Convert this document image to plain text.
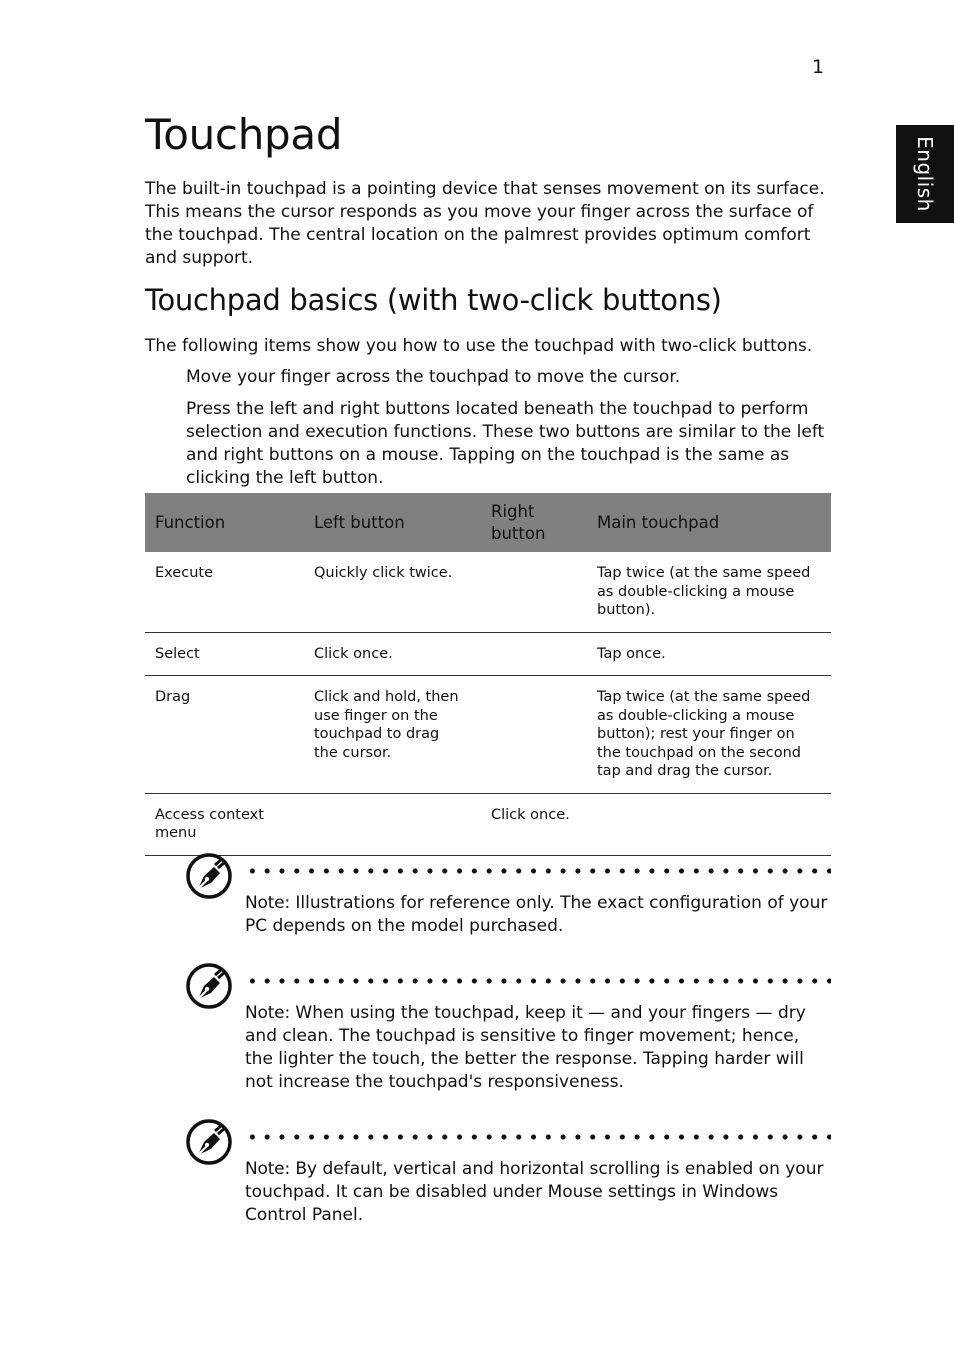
1
English
Touchpad

The built-in touchpad is a pointing device that senses movement on its surface. This means the cursor responds as you move your finger across the surface of the touchpad. The central location on the palmrest provides optimum comfort and support.

Touchpad basics (with two-click buttons)

The following items show you how to use the touchpad with two-click buttons.

Move your finger across the touchpad to move the cursor.

Press the left and right buttons located beneath the touchpad to perform selection and execution functions. These two buttons are similar to the left and right buttons on a mouse. Tapping on the touchpad is the same as clicking the left button.

Function	Left button	Right button	Main touchpad
Execute	Quickly click twice.		Tap twice (at the same speed as double-clicking a mouse button).
Select	Click once.		Tap once.
Drag	Click and hold, then use finger on the touchpad to drag the cursor.		Tap twice (at the same speed as double-clicking a mouse button); rest your finger on the touchpad on the second tap and drag the cursor.
Access context menu		Click once.	

Note: Illustrations for reference only. The exact configuration of your PC depends on the model purchased.

Note: When using the touchpad, keep it — and your fingers — dry and clean. The touchpad is sensitive to finger movement; hence, the lighter the touch, the better the response. Tapping harder will not increase the touchpad's responsiveness.

Note: By default, vertical and horizontal scrolling is enabled on your touchpad. It can be disabled under Mouse settings in Windows Control Panel.
